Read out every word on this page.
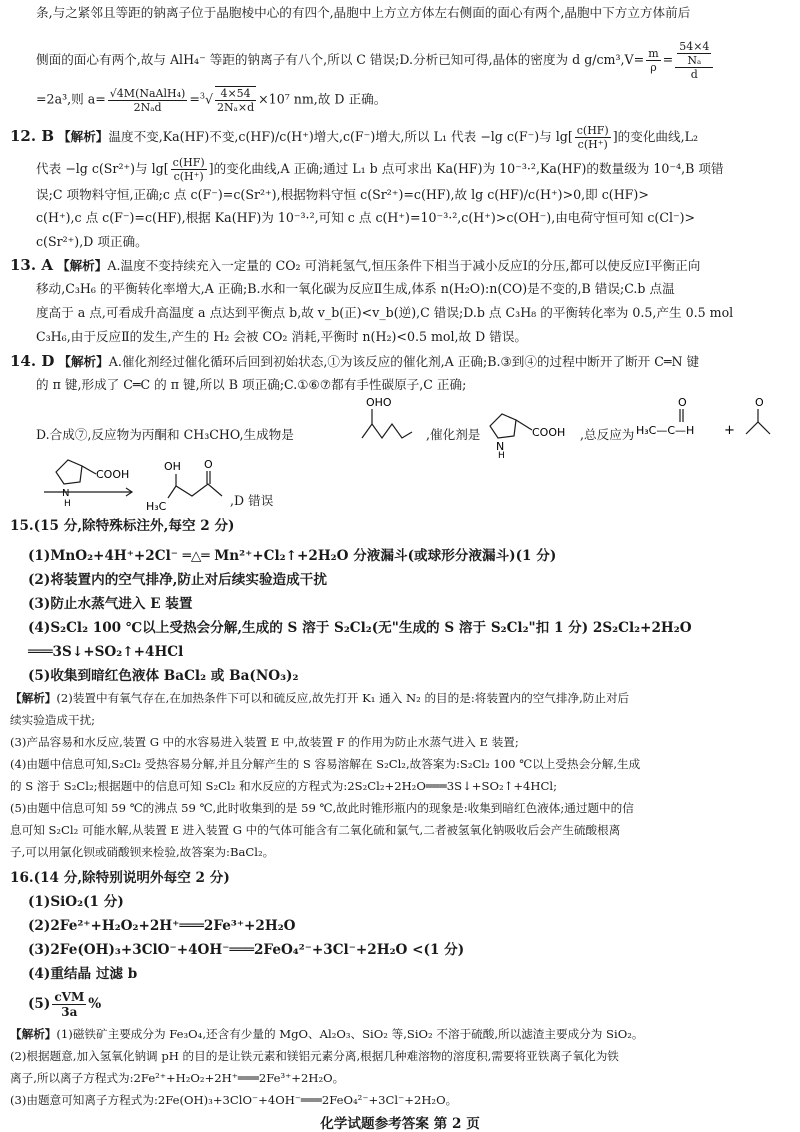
条,与之紧邻且等距的钠离子位于晶胞棱中心的有四个,晶胞中上方立方体左右侧面的面心有两个,晶胞中下方立方体前后
侧面的面心有两个,故与 AlH₄⁻ 等距的钠离子有八个,所以 C 错误;D.分析已知可得,晶体的密度为 d $g/cm^3,V= \frac{m}{\rho} = \frac{\frac{54\times 4}{\text{Nₐ}}}{d}$
=2a³,则 $a= \frac{\text{√4M(NaAlH₄)}}{\text{2Nₐd}} =^3√ \frac{4\times 54}{\text{2Nₐ×d}} \times 10^7$ nm,故 D 正确。
12. B 【解析】温度不变,Ka(HF)不变,c(HF)/c(H⁺)增大,c(F⁻)增大,所以 L₁ 代表 −lg c(F⁻)与 $\lg[ \frac{c(HF)}{c(H^+)}$ ]的变化曲线,L₂
代表 −lg c(Sr²⁺)与 $\lg[ \frac{c(HF)}{c(H^+)}$ ]的变化曲线,A 正确;通过 L₁ b 点可求出 Ka(HF)为 10⁻³·²,Ka(HF)的数量级为 10⁻⁴,B 项错
误;C 项物料守恒,正确;c 点 c(F⁻)=c(Sr²⁺),根据物料守恒 c(Sr²⁺)=c(HF),故 lg c(HF)/c(H⁺)>0,即 c(HF)>
c(H⁺),c 点 c(F⁻)=c(HF),根据 Ka(HF)为 10⁻³·²,可知 c 点 c(H⁺)=10⁻³·²,c(H⁺)>c(OH⁻),由电荷守恒可知 c(Cl⁻)>
c(Sr²⁺),D 项正确。
13. A 【解析】A.温度不变持续充入一定量的 CO₂ 可消耗氢气,恒压条件下相当于减小反应Ⅰ的分压,都可以使反应Ⅰ平衡正向
移动,C₃H₆ 的平衡转化率增大,A 正确;B.水和一氧化碳为反应Ⅱ生成,体系 n(H₂O):n(CO)是不变的,B 错误;C.b 点温
度高于 a 点,可看成升高温度 a 点达到平衡点 b,故 v_b(正)<v_b(逆),C 错误;D.b 点 C₃H₈ 的平衡转化率为 0.5,产生 0.5 mol
C₃H₆,由于反应Ⅱ的发生,产生的 H₂ 会被 CO₂ 消耗,平衡时 n(H₂)<0.5 mol,故 D 错误。
14. D 【解析】A.催化剂经过催化循环后回到初始状态,①为该反应的催化剂,A 正确;B.③到④的过程中断开了断开 C═N 键
的 π 键,形成了 C═C 的 π 键,所以 B 项正确;C.①⑥⑦都有手性碳原子,C 正确;
D.合成⑦,反应物为丙酮和 CH₃CHO,生成物是
OHO
,催化剂是
N
H
COOH ,总反应为
O
H₃C—C—H +
O
COOH
N
H
OH O
H₃C	,D 错误
15.(15 分,除特殊标注外,每空 2 分)
(1)MnO₂+4H⁺+2Cl⁻ ═△═ Mn²⁺+Cl₂↑+2H₂O 分液漏斗(或球形分液漏斗)(1 分)
(2)将装置内的空气排净,防止对后续实验造成干扰
(3)防止水蒸气进入 E 装置
(4)S₂Cl₂ 100 ℃以上受热会分解,生成的 S 溶于 S₂Cl₂(无"生成的 S 溶于 S₂Cl₂"扣 1 分) 2S₂Cl₂+2H₂O
═══3S↓+SO₂↑+4HCl
(5)收集到暗红色液体 BaCl₂ 或 Ba(NO₃)₂
【解析】(2)装置中有氧气存在,在加热条件下可以和硫反应,故先打开 K₁ 通入 N₂ 的目的是:将装置内的空气排净,防止对后
续实验造成干扰;
(3)产品容易和水反应,装置 G 中的水容易进入装置 E 中,故装置 F 的作用为防止水蒸气进入 E 装置;
(4)由题中信息可知,S₂Cl₂ 受热容易分解,并且分解产生的 S 容易溶解在 S₂Cl₂,故答案为:S₂Cl₂ 100 ℃以上受热会分解,生成
的 S 溶于 S₂Cl₂;根据题中的信息可知 S₂Cl₂ 和水反应的方程式为:2S₂Cl₂+2H₂O═══3S↓+SO₂↑+4HCl;
(5)由题中信息可知 59 ℃的沸点 59 ℃,此时收集到的是 59 ℃,故此时锥形瓶内的现象是:收集到暗红色液体;通过题中的信
息可知 S₂Cl₂ 可能水解,从装置 E 进入装置 G 中的气体可能含有二氧化硫和氯气,二者被氢氧化钠吸收后会产生硫酸根离
子,可以用氯化钡或硝酸钡来检验,故答案为:BaCl₂。
16.(14 分,除特别说明外每空 2 分)
(1)SiO₂(1 分)
(2)2Fe²⁺+H₂O₂+2H⁺═══2Fe³⁺+2H₂O
(3)2Fe(OH)₃+3ClO⁻+4OH⁻═══2FeO₄²⁻+3Cl⁻+2H₂O <(1 分)
(4)重结晶 过滤 b
$(5) \frac{\text{cVM}}{3a}$ %
【解析】(1)磁铁矿主要成分为 Fe₃O₄,还含有少量的 MgO、Al₂O₃、SiO₂ 等,SiO₂ 不溶于硫酸,所以滤渣主要成分为 SiO₂。
(2)根据题意,加入氢氧化钠调 pH 的目的是让铁元素和镁铝元素分离,根据几种难溶物的溶度积,需要将亚铁离子氧化为铁
离子,所以离子方程式为:2Fe²⁺+H₂O₂+2H⁺═══2Fe³⁺+2H₂O。
(3)由题意可知离子方程式为:2Fe(OH)₃+3ClO⁻+4OH⁻═══2FeO₄²⁻+3Cl⁻+2H₂O。
化学试题参考答案 第 2 页
